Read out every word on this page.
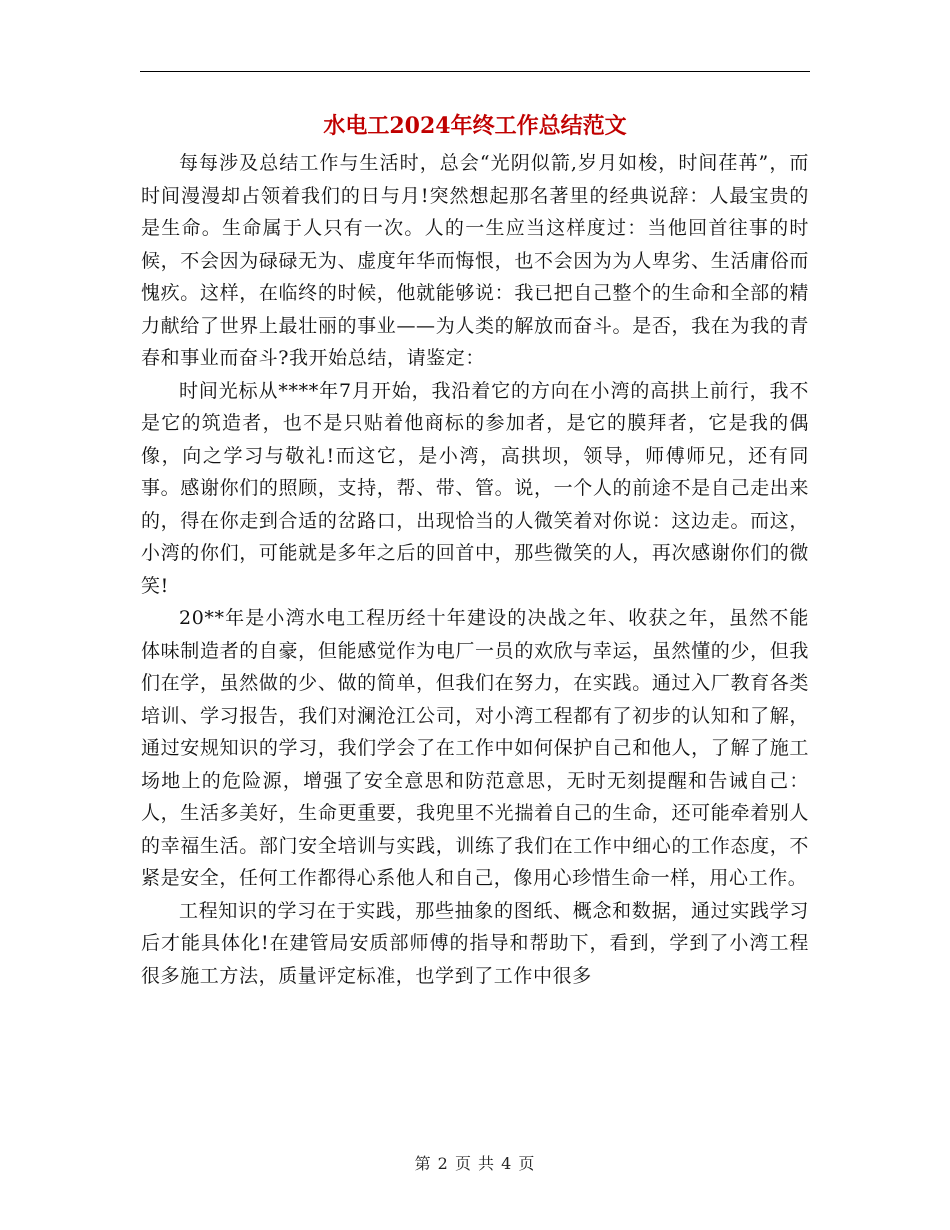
水电工2024年终工作总结范文

每每涉及总结工作与生活时，总会“光阴似箭,岁月如梭，时间荏苒”，而时间漫漫却占领着我们的日与月!突然想起那名著里的经典说辞：人最宝贵的是生命。生命属于人只有一次。人的一生应当这样度过：当他回首往事的时候，不会因为碌碌无为、虚度年华而悔恨，也不会因为为人卑劣、生活庸俗而愧疚。这样，在临终的时候，他就能够说：我已把自己整个的生命和全部的精力献给了世界上最壮丽的事业——为人类的解放而奋斗。是否，我在为我的青春和事业而奋斗?我开始总结，请鉴定：

时间光标从****年7月开始，我沿着它的方向在小湾的高拱上前行，我不是它的筑造者，也不是只贴着他商标的参加者，是它的膜拜者，它是我的偶像，向之学习与敬礼!而这它，是小湾，高拱坝，领导，师傅师兄，还有同事。感谢你们的照顾，支持，帮、带、管。说，一个人的前途不是自己走出来的，得在你走到合适的岔路口，出现恰当的人微笑着对你说：这边走。而这，小湾的你们，可能就是多年之后的回首中，那些微笑的人，再次感谢你们的微笑!

20**年是小湾水电工程历经十年建设的决战之年、收获之年，虽然不能体味制造者的自豪，但能感觉作为电厂一员的欢欣与幸运，虽然懂的少，但我们在学，虽然做的少、做的简单，但我们在努力，在实践。通过入厂教育各类培训、学习报告，我们对澜沧江公司，对小湾工程都有了初步的认知和了解，通过安规知识的学习，我们学会了在工作中如何保护自己和他人，了解了施工场地上的危险源，增强了安全意思和防范意思，无时无刻提醒和告诫自己：人，生活多美好，生命更重要，我兜里不光揣着自己的生命，还可能牵着别人的幸福生活。部门安全培训与实践，训练了我们在工作中细心的工作态度，不紧是安全，任何工作都得心系他人和自己，像用心珍惜生命一样，用心工作。

工程知识的学习在于实践，那些抽象的图纸、概念和数据，通过实践学习后才能具体化!在建管局安质部师傅的指导和帮助下，看到，学到了小湾工程很多施工方法，质量评定标准，也学到了工作中很多

第 2 页 共 4 页
